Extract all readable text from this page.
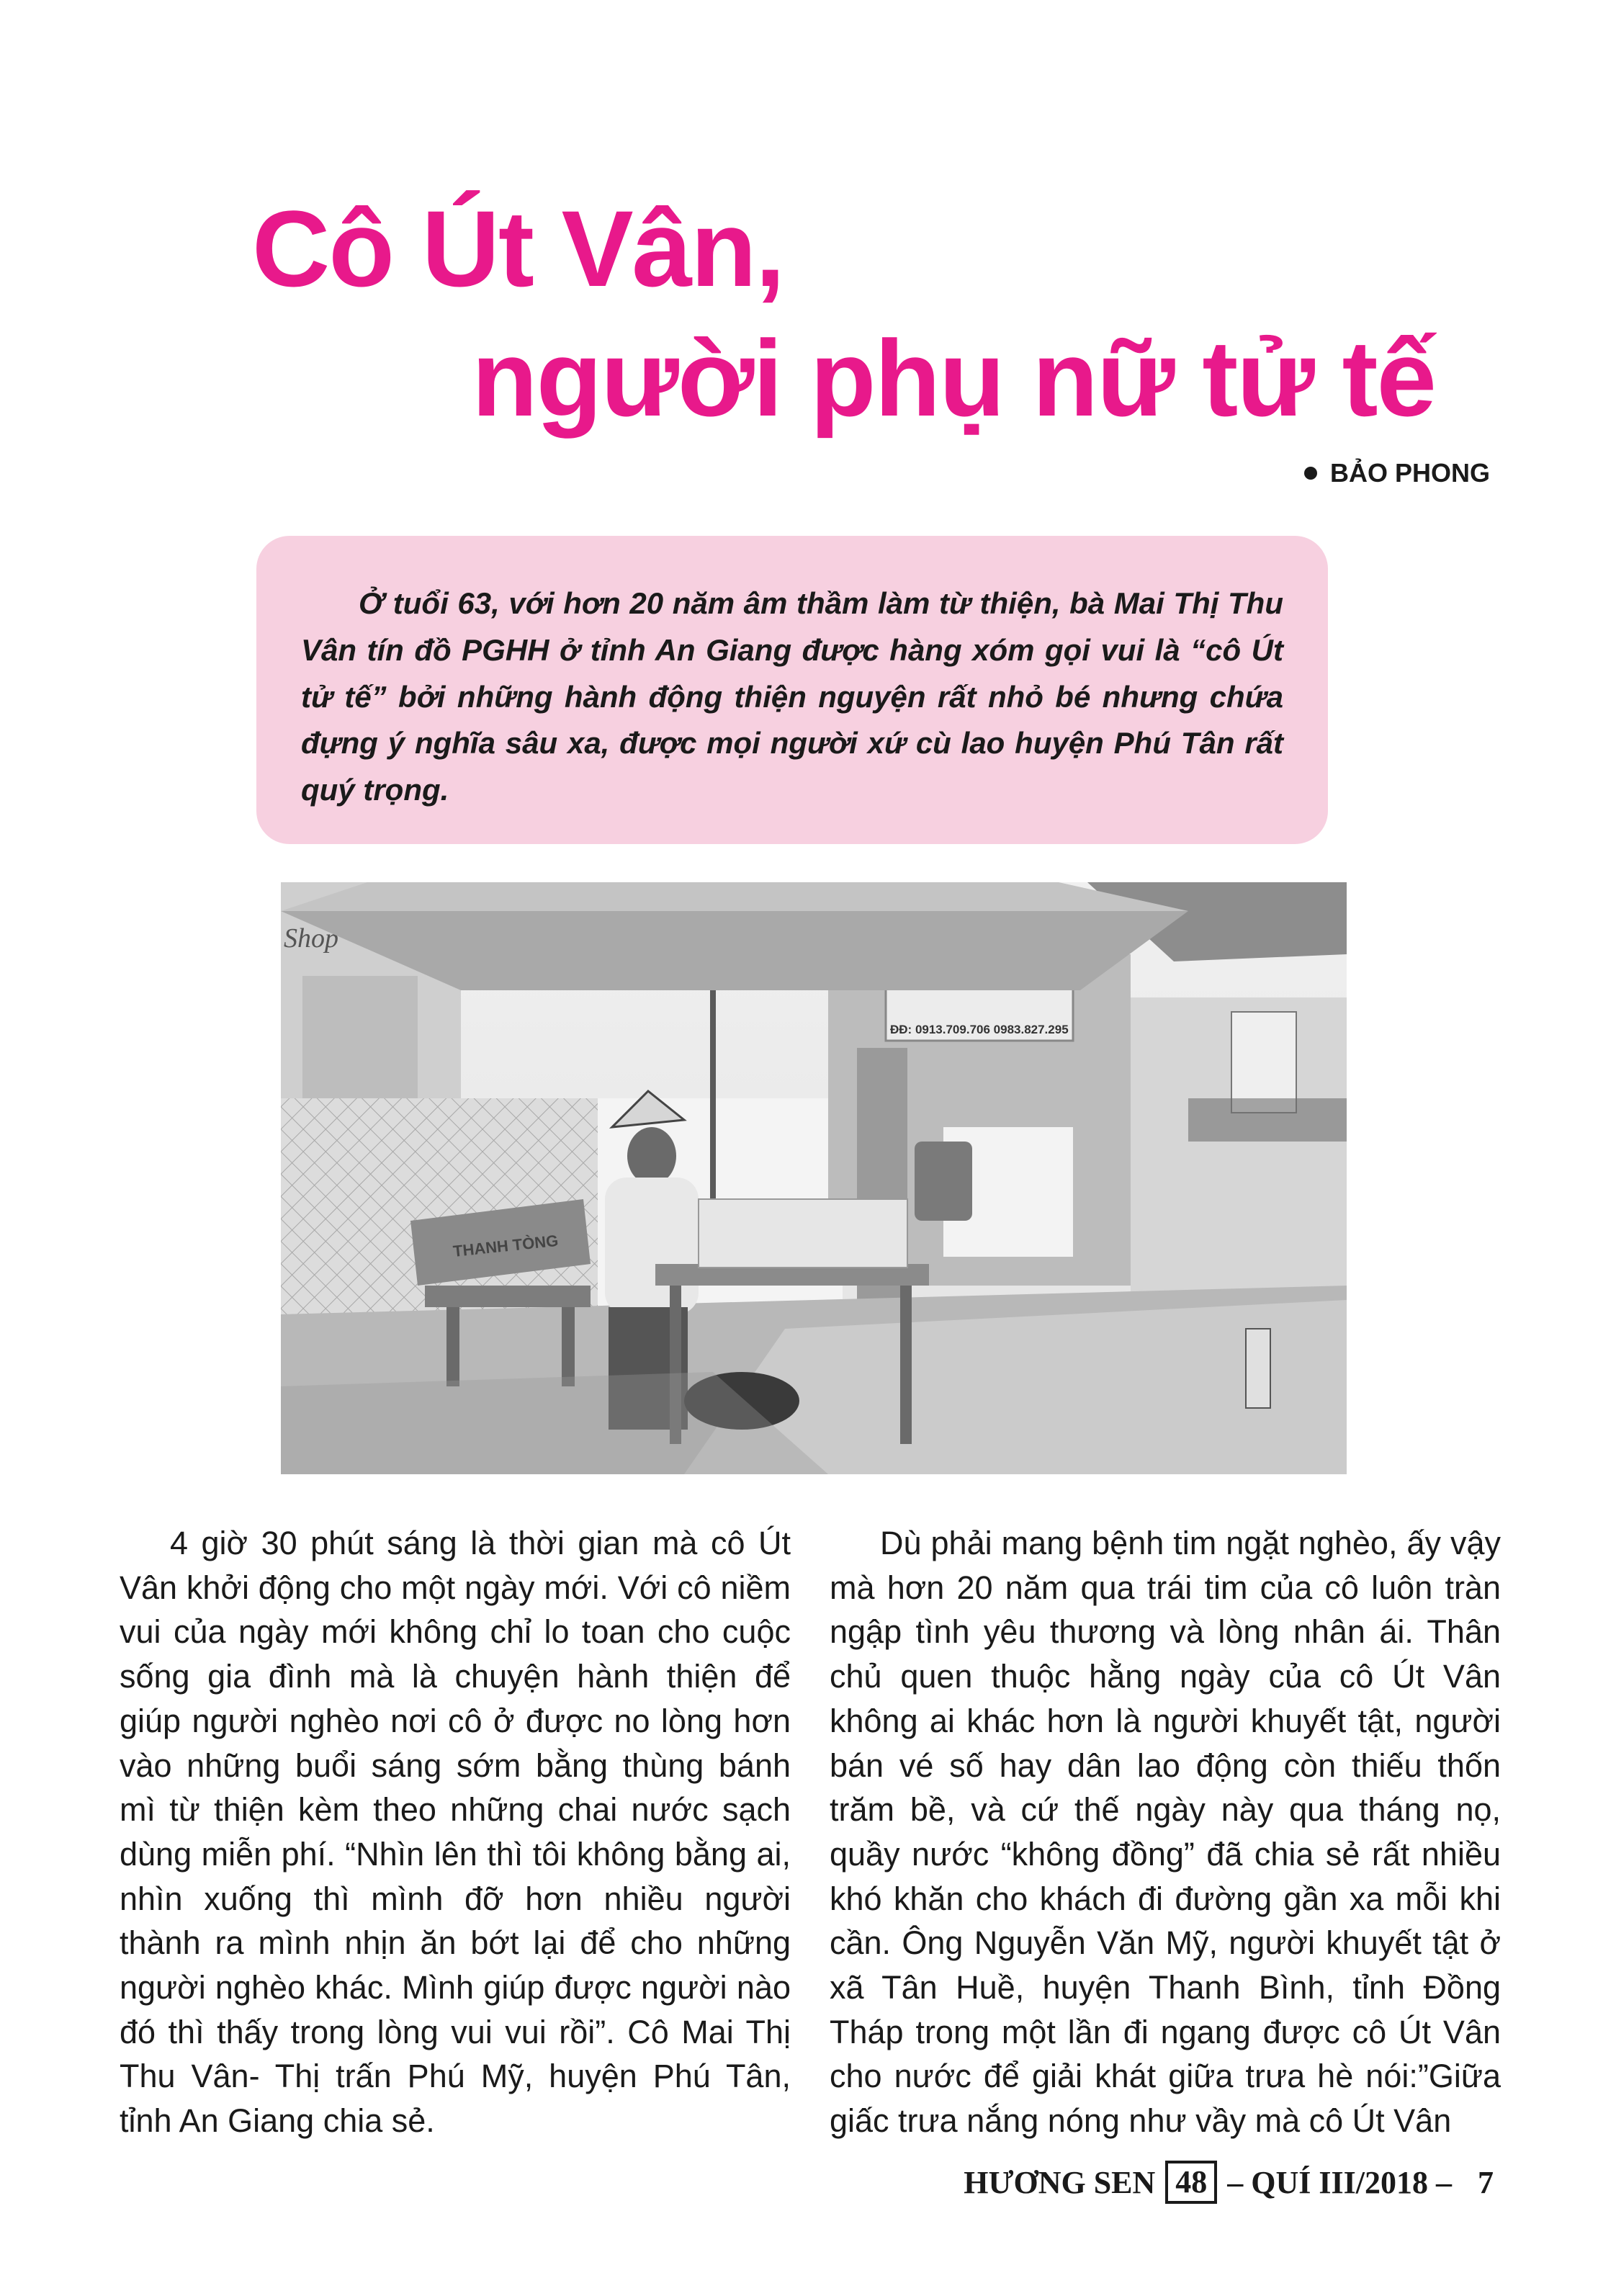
Cô Út Vân,
người phụ nữ tử tế
BẢO PHONG
Ở tuổi 63, với hơn 20 năm âm thầm làm từ thiện, bà Mai Thị Thu Vân tín đồ PGHH ở tỉnh An Giang được hàng xóm gọi vui là “cô Út tử tế” bởi những hành động thiện nguyện rất nhỏ bé nhưng chứa đựng ý nghĩa sâu xa, được mọi người xứ cù lao huyện Phú Tân rất quý trọng.
Shop
ĐĐ: 0913.709.706 0983.827.295
THANH TÒNG

4 giờ 30 phút sáng là thời gian mà cô Út Vân khởi động cho một ngày mới. Với cô niềm vui của ngày mới không chỉ lo toan cho cuộc sống gia đình mà là chuyện hành thiện để giúp người nghèo nơi cô ở được no lòng hơn vào những buổi sáng sớm bằng thùng bánh mì từ thiện kèm theo những chai nước sạch dùng miễn phí. “Nhìn lên thì tôi không bằng ai, nhìn xuống thì mình đỡ hơn nhiều người thành ra mình nhịn ăn bớt lại để cho những người nghèo khác. Mình giúp được người nào đó thì thấy trong lòng vui vui rồi”. Cô Mai Thị Thu Vân- Thị trấn Phú Mỹ, huyện Phú Tân, tỉnh An Giang chia sẻ.

Dù phải mang bệnh tim ngặt nghèo, ấy vậy mà hơn 20 năm qua trái tim của cô luôn tràn ngập tình yêu thương và lòng nhân ái. Thân chủ quen thuộc hằng ngày của cô Út Vân không ai khác hơn là người khuyết tật, người bán vé số hay dân lao động còn thiếu thốn trăm bề, và cứ thế ngày này qua tháng nọ, quầy nước “không đồng” đã chia sẻ rất nhiều khó khăn cho khách đi đường gần xa mỗi khi cần. Ông Nguyễn Văn Mỹ, người khuyết tật ở xã Tân Huề, huyện Thanh Bình, tỉnh Đồng Tháp trong một lần đi ngang được cô Út Vân cho nước để giải khát giữa trưa hè nói:”Giữa giấc trưa nắng nóng như vầy mà cô Út Vân

HƯƠNG SEN 48 – QUÍ III/2018 – 7
